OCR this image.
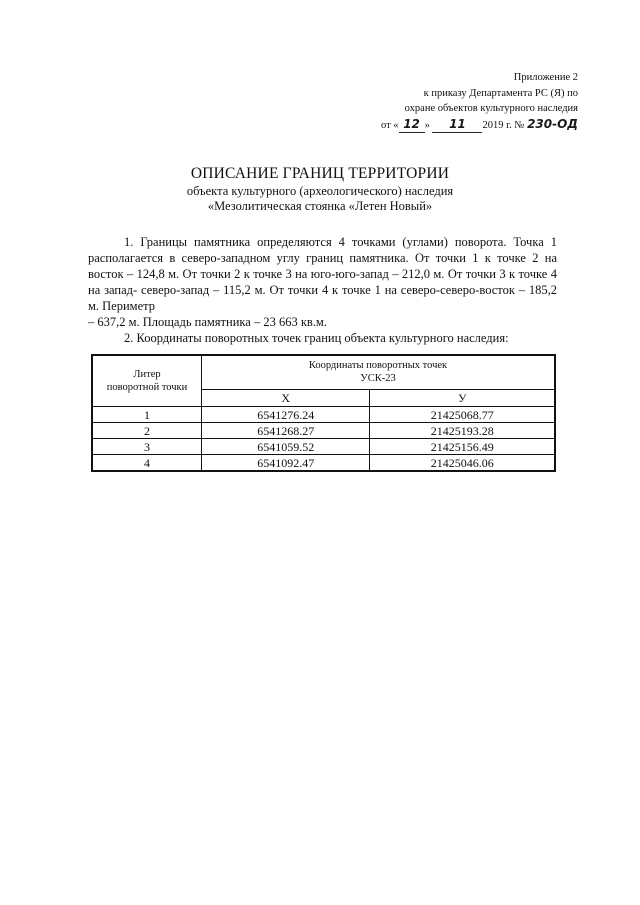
Приложение 2
к приказу Департамента РС (Я) по
охране объектов культурного наследия
от « 12 » 11 2019 г. № 230-ОД
ОПИСАНИЕ ГРАНИЦ ТЕРРИТОРИИ
объекта культурного (археологического) наследия
«Мезолитическая стоянка «Летен Новый»

1. Границы памятника определяются 4 точками (углами) поворота. Точка 1 располагается в северо-западном углу границ памятника. От точки 1 к точке 2 на восток – 124,8 м. От точки 2 к точке 3 на юго-юго-запад – 212,0 м. От точки 3 к точке 4 на запад- северо-запад – 115,2 м. От точки 4 к точке 1 на северо-северо-восток – 185,2 м. Периметр

– 637,2 м. Площадь памятника – 23 663 кв.м.

2. Координаты поворотных точек границ объекта культурного наследия:

Литер
поворотной точки	Координаты поворотных точек
УСК-23	
	X	У
1	6541276.24	21425068.77
2	6541268.27	21425193.28
3	6541059.52	21425156.49
4	6541092.47	21425046.06
